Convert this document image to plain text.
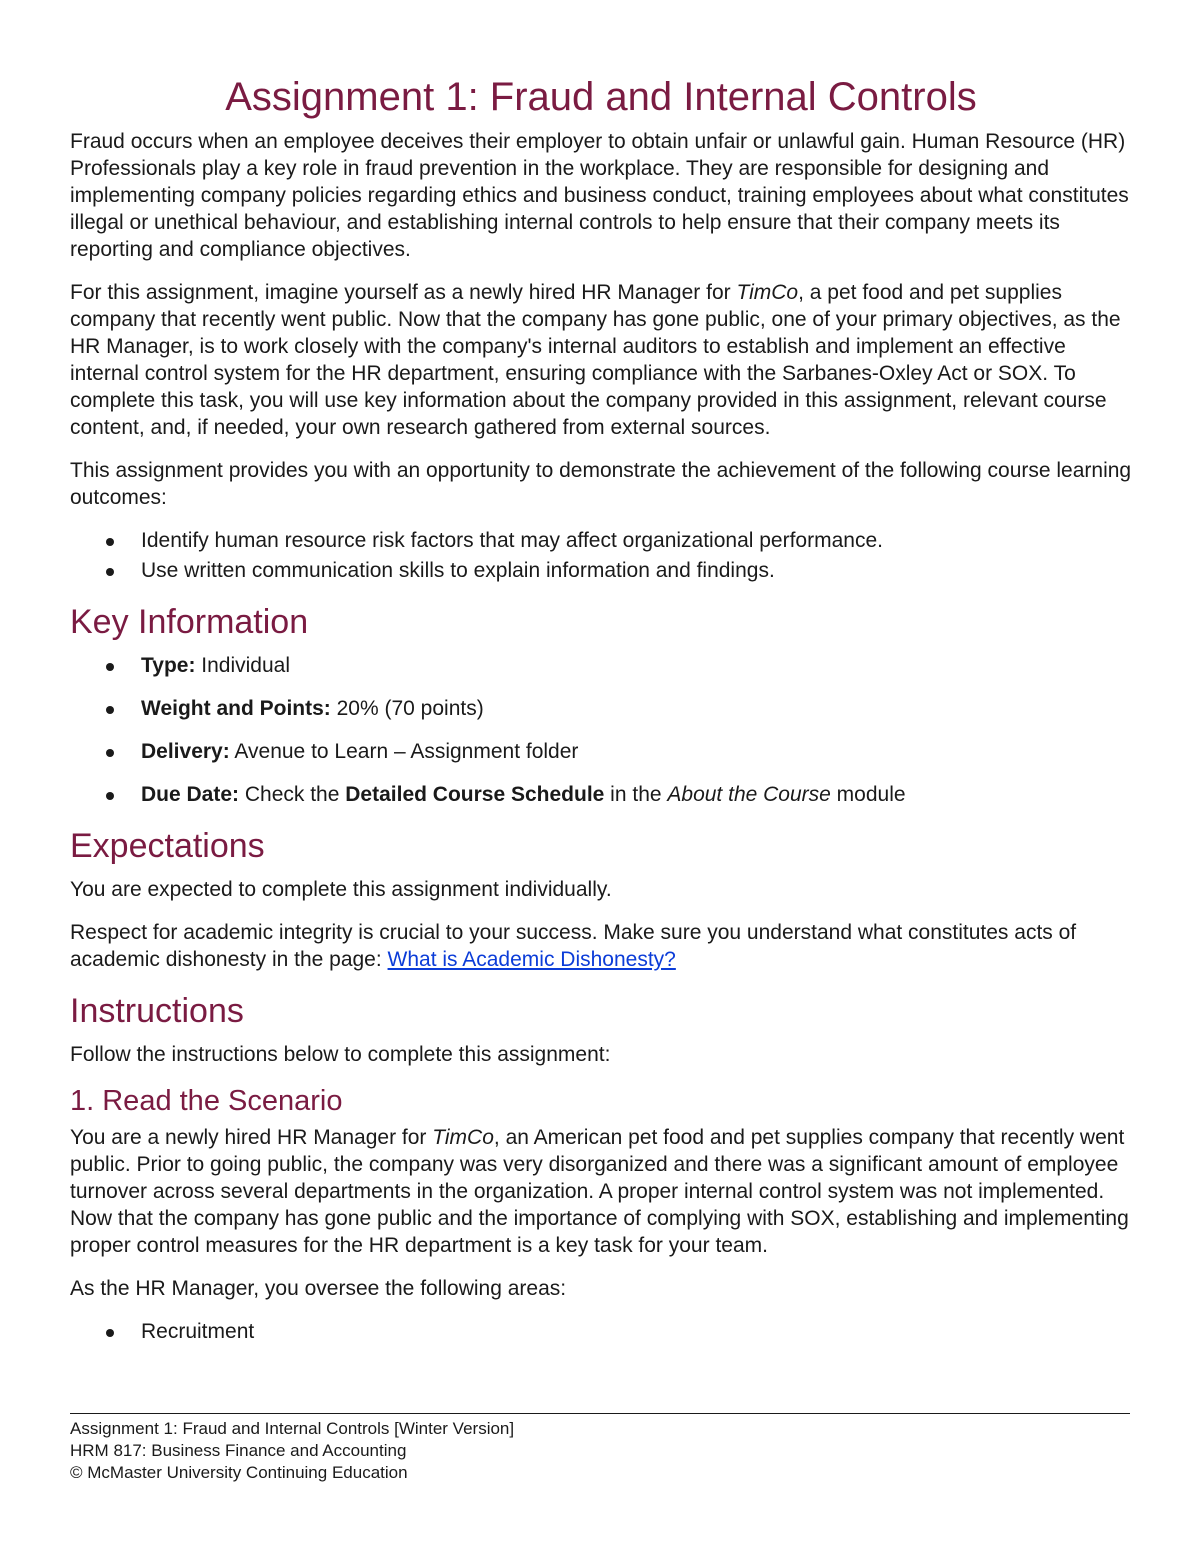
Assignment 1: Fraud and Internal Controls

Fraud occurs when an employee deceives their employer to obtain unfair or unlawful gain. Human Resource (HR) Professionals play a key role in fraud prevention in the workplace. They are responsible for designing and implementing company policies regarding ethics and business conduct, training employees about what constitutes illegal or unethical behaviour, and establishing internal controls to help ensure that their company meets its reporting and compliance objectives.

For this assignment, imagine yourself as a newly hired HR Manager for TimCo, a pet food and pet supplies company that recently went public. Now that the company has gone public, one of your primary objectives, as the HR Manager, is to work closely with the company's internal auditors to establish and implement an effective internal control system for the HR department, ensuring compliance with the Sarbanes-Oxley Act or SOX. To complete this task, you will use key information about the company provided in this assignment, relevant course content, and, if needed, your own research gathered from external sources.

This assignment provides you with an opportunity to demonstrate the achievement of the following course learning outcomes:

Identify human resource risk factors that may affect organizational performance.
Use written communication skills to explain information and findings.
Key Information
Type: Individual
Weight and Points: 20% (70 points)
Delivery: Avenue to Learn – Assignment folder
Due Date: Check the Detailed Course Schedule in the About the Course module
Expectations

You are expected to complete this assignment individually.

Respect for academic integrity is crucial to your success. Make sure you understand what constitutes acts of academic dishonesty in the page: What is Academic Dishonesty?

Instructions

Follow the instructions below to complete this assignment:

1. Read the Scenario

You are a newly hired HR Manager for TimCo, an American pet food and pet supplies company that recently went public. Prior to going public, the company was very disorganized and there was a significant amount of employee turnover across several departments in the organization. A proper internal control system was not implemented. Now that the company has gone public and the importance of complying with SOX, establishing and implementing proper control measures for the HR department is a key task for your team.

As the HR Manager, you oversee the following areas:

Recruitment
Assignment 1: Fraud and Internal Controls [Winter Version]
HRM 817: Business Finance and Accounting
© McMaster University Continuing Education
